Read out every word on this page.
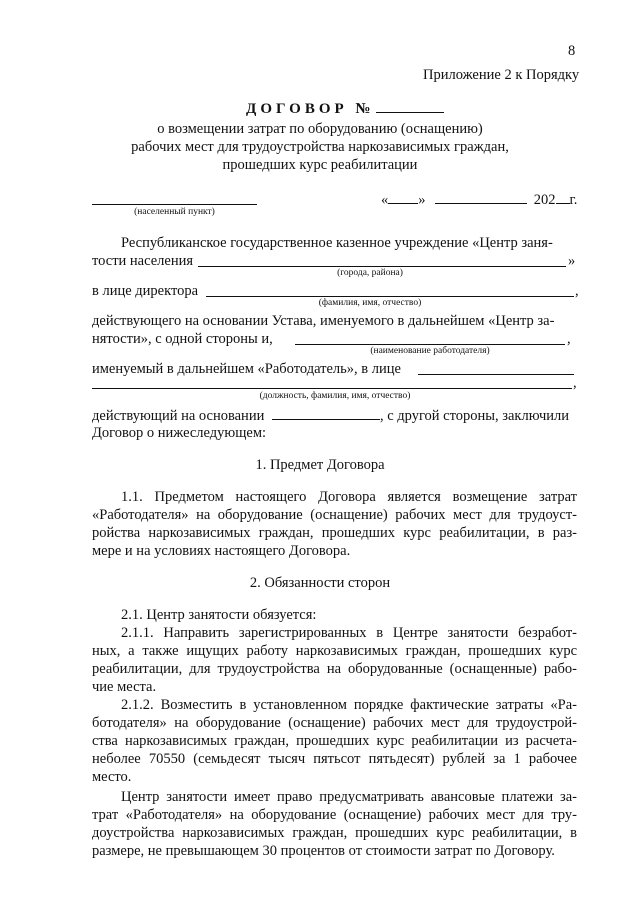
8
Приложение 2 к Порядку
ДОГОВОР №
о возмещении затрат по оборудованию (оснащению)
рабочих мест для трудоустройства наркозависимых граждан,
прошедших курс реабилитации
(населенный пункт)
« »	202 г.
Республиканское государственное казенное учреждение «Центр заня-
тости населения	»
(города, района)
в лице директора	,
(фамилия, имя, отчество)
действующего на основании Устава, именуемого в дальнейшем «Центр за-
нятости», с одной стороны и,	,
(наименование работодателя)
именуемый в дальнейшем «Работодатель», в лице
,
(должность, фамилия, имя, отчество)
действующий на основании	, с другой стороны, заключили
Договор о нижеследующем:
1. Предмет Договора
1.1. Предметом настоящего Договора является возмещение затрат
«Работодателя» на оборудование (оснащение) рабочих мест для трудоуст-
ройства наркозависимых граждан, прошедших курс реабилитации, в раз-
мере и на условиях настоящего Договора.
2. Обязанности сторон
2.1. Центр занятости обязуется:
2.1.1. Направить зарегистрированных в Центре занятости безработ-
ных, а также ищущих работу наркозависимых граждан, прошедших курс
реабилитации, для трудоустройства на оборудованные (оснащенные) рабо-
чие места.
2.1.2. Возместить в установленном порядке фактические затраты «Ра-
ботодателя» на оборудование (оснащение) рабочих мест для трудоустрой-
ства наркозависимых граждан, прошедших курс реабилитации из расчета-
неболее 70550 (семьдесят тысяч пятьсот пятьдесят) рублей за 1 рабочее
место.
Центр занятости имеет право предусматривать авансовые платежи за-
трат «Работодателя» на оборудование (оснащение) рабочих мест для тру-
доустройства наркозависимых граждан, прошедших курс реабилитации, в
размере, не превышающем 30 процентов от стоимости затрат по Договору.
